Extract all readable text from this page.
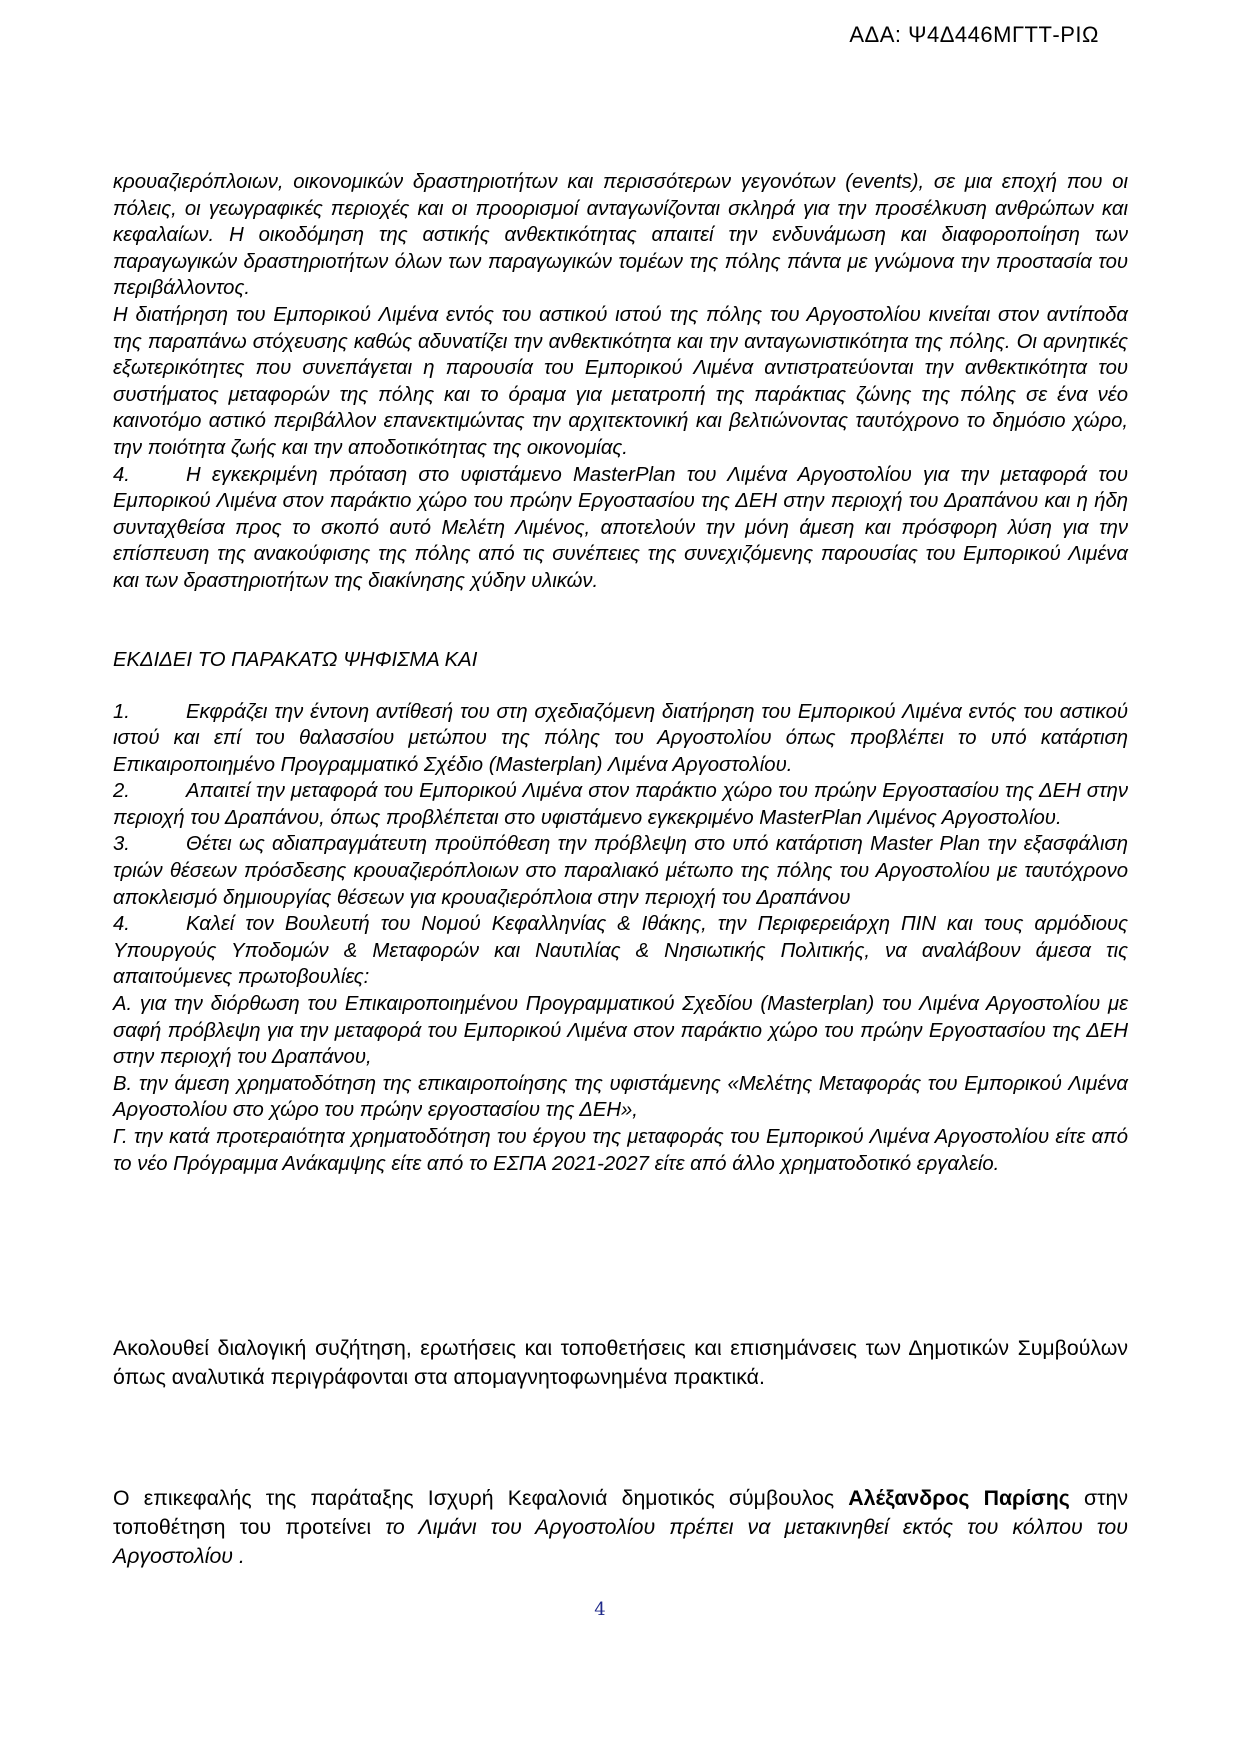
ΑΔΑ: Ψ4Δ446ΜΓΤΤ-ΡΙΩ

κρουαζιερόπλοιων, οικονομικών δραστηριοτήτων και περισσότερων γεγονότων (events), σε μια εποχή που οι πόλεις, οι γεωγραφικές περιοχές και οι προορισμοί ανταγωνίζονται σκληρά για την προσέλκυση ανθρώπων και κεφαλαίων. Η οικοδόμηση της αστικής ανθεκτικότητας απαιτεί την ενδυνάμωση και διαφοροποίηση των παραγωγικών δραστηριοτήτων όλων των παραγωγικών τομέων της πόλης πάντα με γνώμονα την προστασία του περιβάλλοντος.

Η διατήρηση του Εμπορικού Λιμένα εντός του αστικού ιστού της πόλης του Αργοστολίου κινείται στον αντίποδα της παραπάνω στόχευσης καθώς αδυνατίζει την ανθεκτικότητα και την ανταγωνιστικότητα της πόλης. Οι αρνητικές εξωτερικότητες που συνεπάγεται η παρουσία του Εμπορικού Λιμένα αντιστρατεύονται την ανθεκτικότητα του συστήματος μεταφορών της πόλης και το όραμα για μετατροπή της παράκτιας ζώνης της πόλης σε ένα νέο καινοτόμο αστικό περιβάλλον επανεκτιμώντας την αρχιτεκτονική και βελτιώνοντας ταυτόχρονο το δημόσιο χώρο, την ποιότητα ζωής και την αποδοτικότητας της οικονομίας.

4.	Η εγκεκριμένη πρόταση στο υφιστάμενο MasterPlan του Λιμένα Αργοστολίου για την μεταφορά του Εμπορικού Λιμένα στον παράκτιο χώρο του πρώην Εργοστασίου της ΔΕΗ στην περιοχή του Δραπάνου και η ήδη συνταχθείσα προς το σκοπό αυτό Μελέτη Λιμένος, αποτελούν την μόνη άμεση και πρόσφορη λύση για την επίσπευση της ανακούφισης της πόλης από τις συνέπειες της συνεχιζόμενης παρουσίας του Εμπορικού Λιμένα και των δραστηριοτήτων της διακίνησης χύδην υλικών.

ΕΚΔΙΔΕΙ ΤΟ ΠΑΡΑΚΑΤΩ ΨΗΦΙΣΜΑ ΚΑΙ

1.	Εκφράζει την έντονη αντίθεσή του στη σχεδιαζόμενη διατήρηση του Εμπορικού Λιμένα εντός του αστικού ιστού και επί του θαλασσίου μετώπου της πόλης του Αργοστολίου όπως προβλέπει το υπό κατάρτιση Επικαιροποιημένο Προγραμματικό Σχέδιο (Masterplan) Λιμένα Αργοστολίου.

2.	Απαιτεί την μεταφορά του Εμπορικού Λιμένα στον παράκτιο χώρο του πρώην Εργοστασίου της ΔΕΗ στην περιοχή του Δραπάνου, όπως προβλέπεται στο υφιστάμενο εγκεκριμένο MasterPlan Λιμένος Αργοστολίου.

3.	Θέτει ως αδιαπραγμάτευτη προϋπόθεση την πρόβλεψη στο υπό κατάρτιση Master Plan την εξασφάλιση τριών θέσεων πρόσδεσης κρουαζιερόπλοιων στο παραλιακό μέτωπο της πόλης του Αργοστολίου με ταυτόχρονο αποκλεισμό δημιουργίας θέσεων για κρουαζιερόπλοια στην περιοχή του Δραπάνου

4.	Καλεί τον Βουλευτή του Νομού Κεφαλληνίας & Ιθάκης, την Περιφερειάρχη ΠΙΝ και τους αρμόδιους Υπουργούς Υποδομών & Μεταφορών και Ναυτιλίας & Νησιωτικής Πολιτικής, να αναλάβουν άμεσα τις απαιτούμενες πρωτοβουλίες:

Α. για την διόρθωση του Επικαιροποιημένου Προγραμματικού Σχεδίου (Masterplan) του Λιμένα Αργοστολίου με σαφή πρόβλεψη για την μεταφορά του Εμπορικού Λιμένα στον παράκτιο χώρο του πρώην Εργοστασίου της ΔΕΗ στην περιοχή του Δραπάνου,

Β. την άμεση χρηματοδότηση της επικαιροποίησης της υφιστάμενης «Μελέτης Μεταφοράς του Εμπορικού Λιμένα Αργοστολίου στο χώρο του πρώην εργοστασίου της ΔΕΗ»,

Γ. την κατά προτεραιότητα χρηματοδότηση του έργου της μεταφοράς του Εμπορικού Λιμένα Αργοστολίου είτε από το νέο Πρόγραμμα Ανάκαμψης είτε από το ΕΣΠΑ 2021-2027 είτε από άλλο χρηματοδοτικό εργαλείο.

Ακολουθεί διαλογική συζήτηση, ερωτήσεις και τοποθετήσεις και επισημάνσεις των Δημοτικών Συμβούλων όπως αναλυτικά περιγράφονται στα απομαγνητοφωνημένα πρακτικά.

Ο επικεφαλής της παράταξης Ισχυρή Κεφαλονιά δημοτικός σύμβουλος Αλέξανδρος Παρίσης στην τοποθέτηση του προτείνει το Λιμάνι του Αργοστολίου πρέπει να μετακινηθεί εκτός του κόλπου του Αργοστολίου .

4
